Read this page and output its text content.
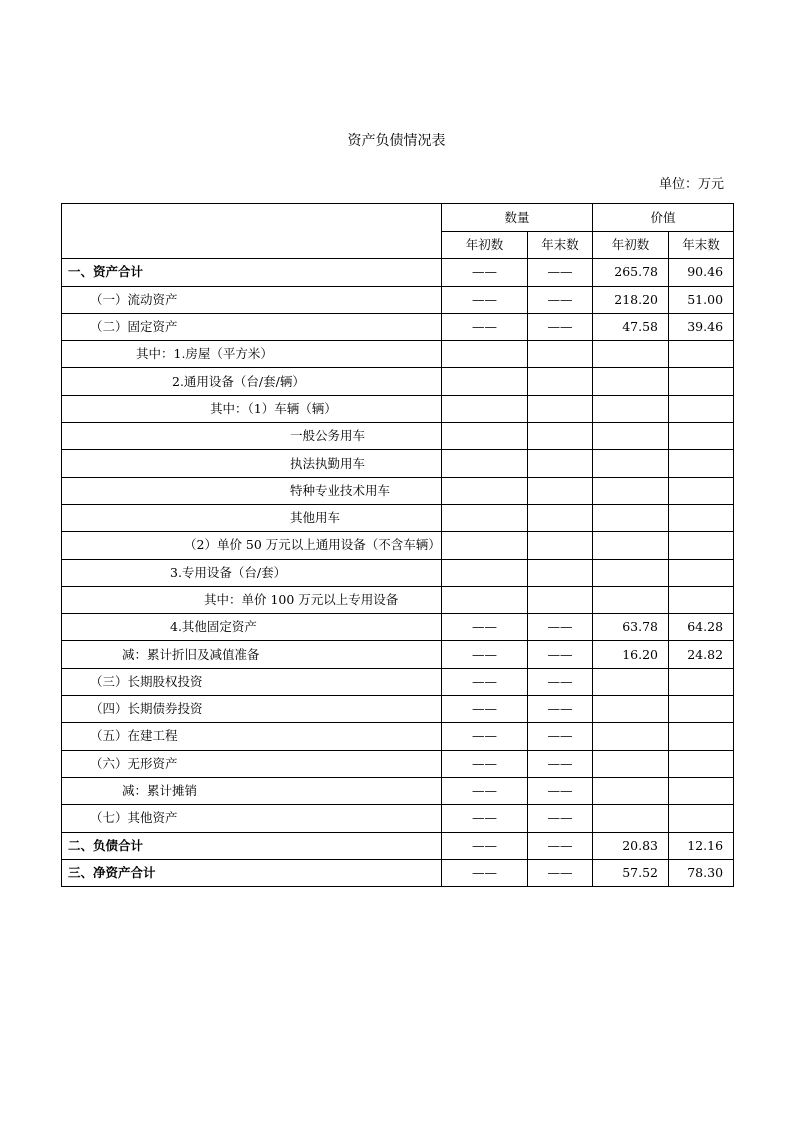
资产负债情况表
单位：万元
	数量		价值	
	年初数	年末数	年初数	年末数
一、资产合计	——	——	265.78	90.46
（一）流动资产	——	——	218.20	51.00
（二）固定资产	——	——	47.58	39.46
其中：1.房屋（平方米）				
2.通用设备（台/套/辆）				
其中：（1）车辆（辆）				
一般公务用车				
执法执勤用车				
特种专业技术用车				
其他用车				
（2）单价 50 万元以上通用设备（不含车辆）				
3.专用设备（台/套）				
其中：单价 100 万元以上专用设备				
4.其他固定资产	——	——	63.78	64.28
减：累计折旧及减值准备	——	——	16.20	24.82
（三）长期股权投资	——	——		
（四）长期债券投资	——	——		
（五）在建工程	——	——		
（六）无形资产	——	——		
减：累计摊销	——	——		
（七）其他资产	——	——		
二、负债合计	——	——	20.83	12.16
三、净资产合计	——	——	57.52	78.30
